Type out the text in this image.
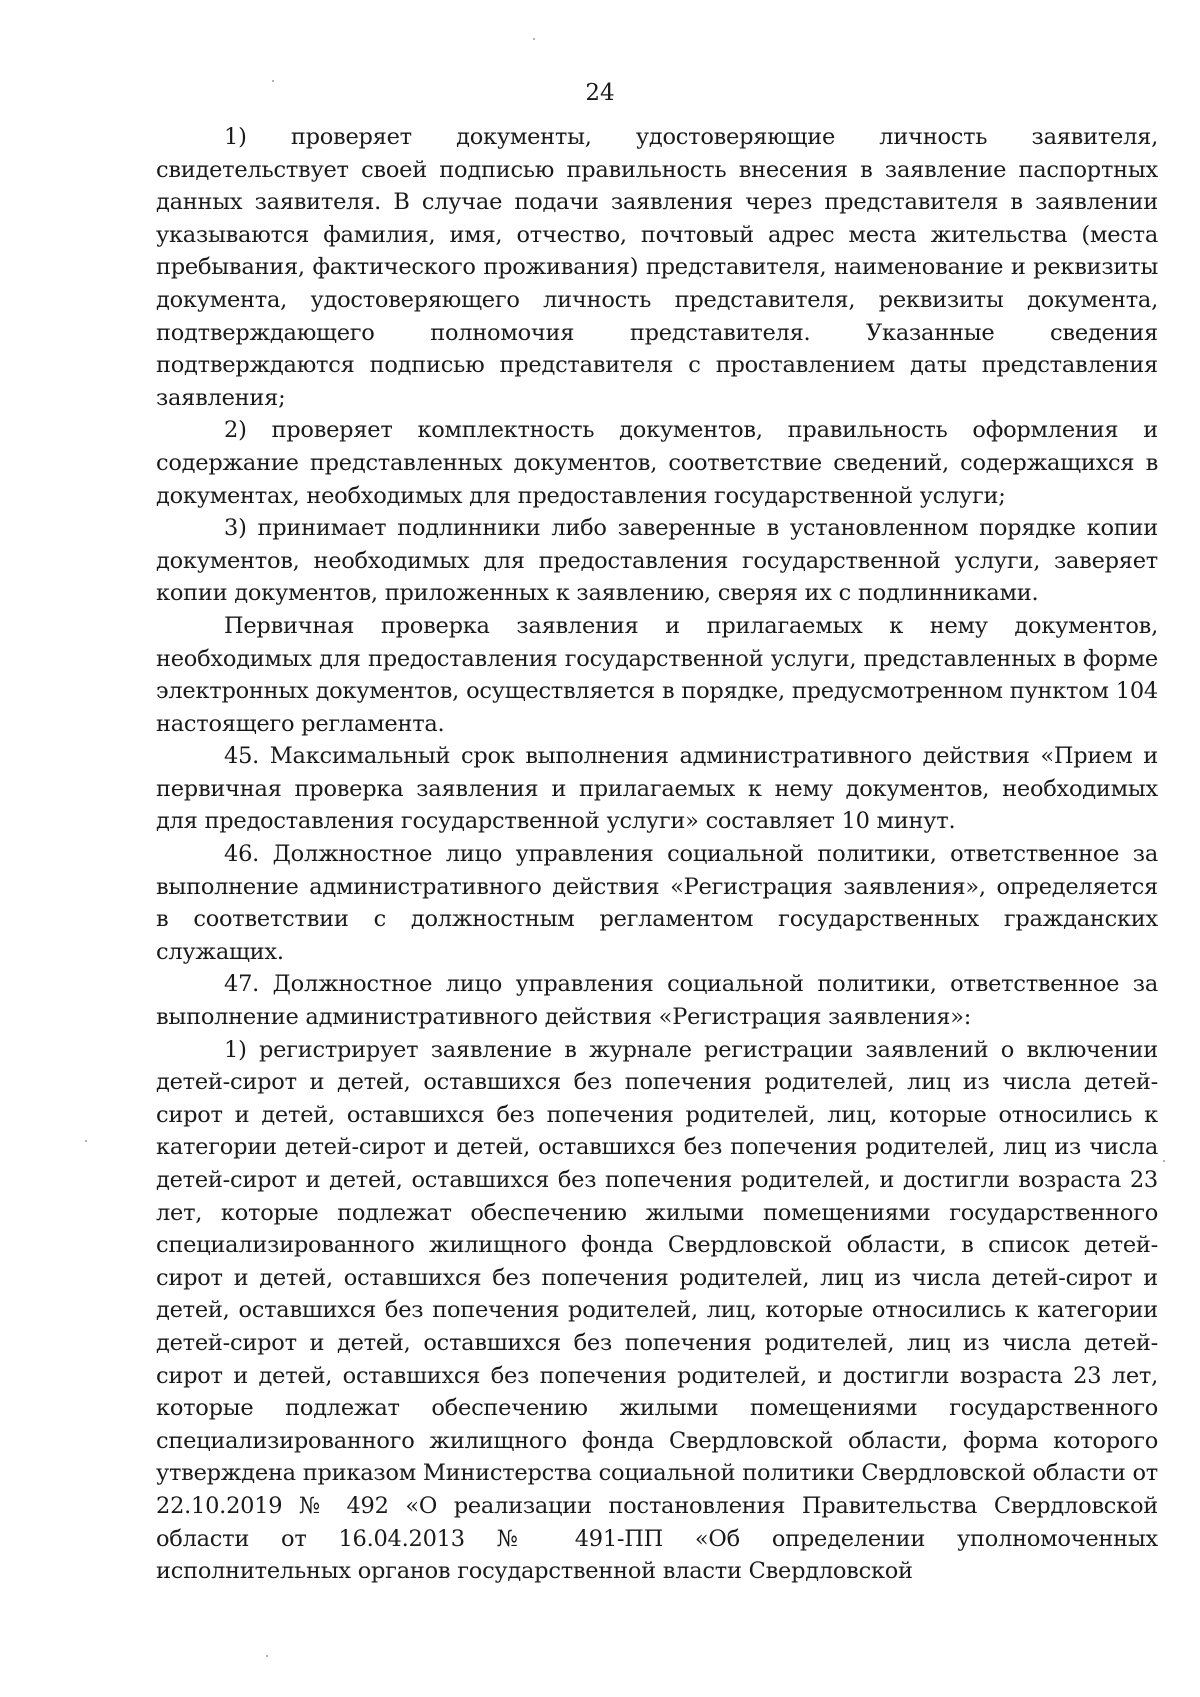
24

1) проверяет документы, удостоверяющие личность заявителя, свидетельствует своей подписью правильность внесения в заявление паспортных данных заявителя. В случае подачи заявления через представителя в заявлении указываются фамилия, имя, отчество, почтовый адрес места жительства (места пребывания, фактического проживания) представителя, наименование и реквизиты документа, удостоверяющего личность представителя, реквизиты документа, подтверждающего полномочия представителя. Указанные сведения подтверждаются подписью представителя с проставлением даты представления заявления;

2) проверяет комплектность документов, правильность оформления и содержание представленных документов, соответствие сведений, содержащихся в документах, необходимых для предоставления государственной услуги;

3) принимает подлинники либо заверенные в установленном порядке копии документов, необходимых для предоставления государственной услуги, заверяет копии документов, приложенных к заявлению, сверяя их с подлинниками.

Первичная проверка заявления и прилагаемых к нему документов, необходимых для предоставления государственной услуги, представленных в форме электронных документов, осуществляется в порядке, предусмотренном пунктом 104 настоящего регламента.

45. Максимальный срок выполнения административного действия «Прием и первичная проверка заявления и прилагаемых к нему документов, необходимых для предоставления государственной услуги» составляет 10 минут.

46. Должностное лицо управления социальной политики, ответственное за выполнение административного действия «Регистрация заявления», определяется в соответствии с должностным регламентом государственных гражданских служащих.

47. Должностное лицо управления социальной политики, ответственное за выполнение административного действия «Регистрация заявления»:

1) регистрирует заявление в журнале регистрации заявлений о включении детей-сирот и детей, оставшихся без попечения родителей, лиц из числа детей-сирот и детей, оставшихся без попечения родителей, лиц, которые относились к категории детей-сирот и детей, оставшихся без попечения родителей, лиц из числа детей-сирот и детей, оставшихся без попечения родителей, и достигли возраста 23 лет, которые подлежат обеспечению жилыми помещениями государственного специализированного жилищного фонда Свердловской области, в список детей-сирот и детей, оставшихся без попечения родителей, лиц из числа детей-сирот и детей, оставшихся без попечения родителей, лиц, которые относились к категории детей-сирот и детей, оставшихся без попечения родителей, лиц из числа детей-сирот и детей, оставшихся без попечения родителей, и достигли возраста 23 лет, которые подлежат обеспечению жилыми помещениями государственного специализированного жилищного фонда Свердловской области, форма которого утверждена приказом Министерства социальной политики Свердловской области от 22.10.2019 № 492 «О реализации постановления Правительства Свердловской области от 16.04.2013 № 491-ПП «Об определении уполномоченных исполнительных органов государственной власти Свердловской
